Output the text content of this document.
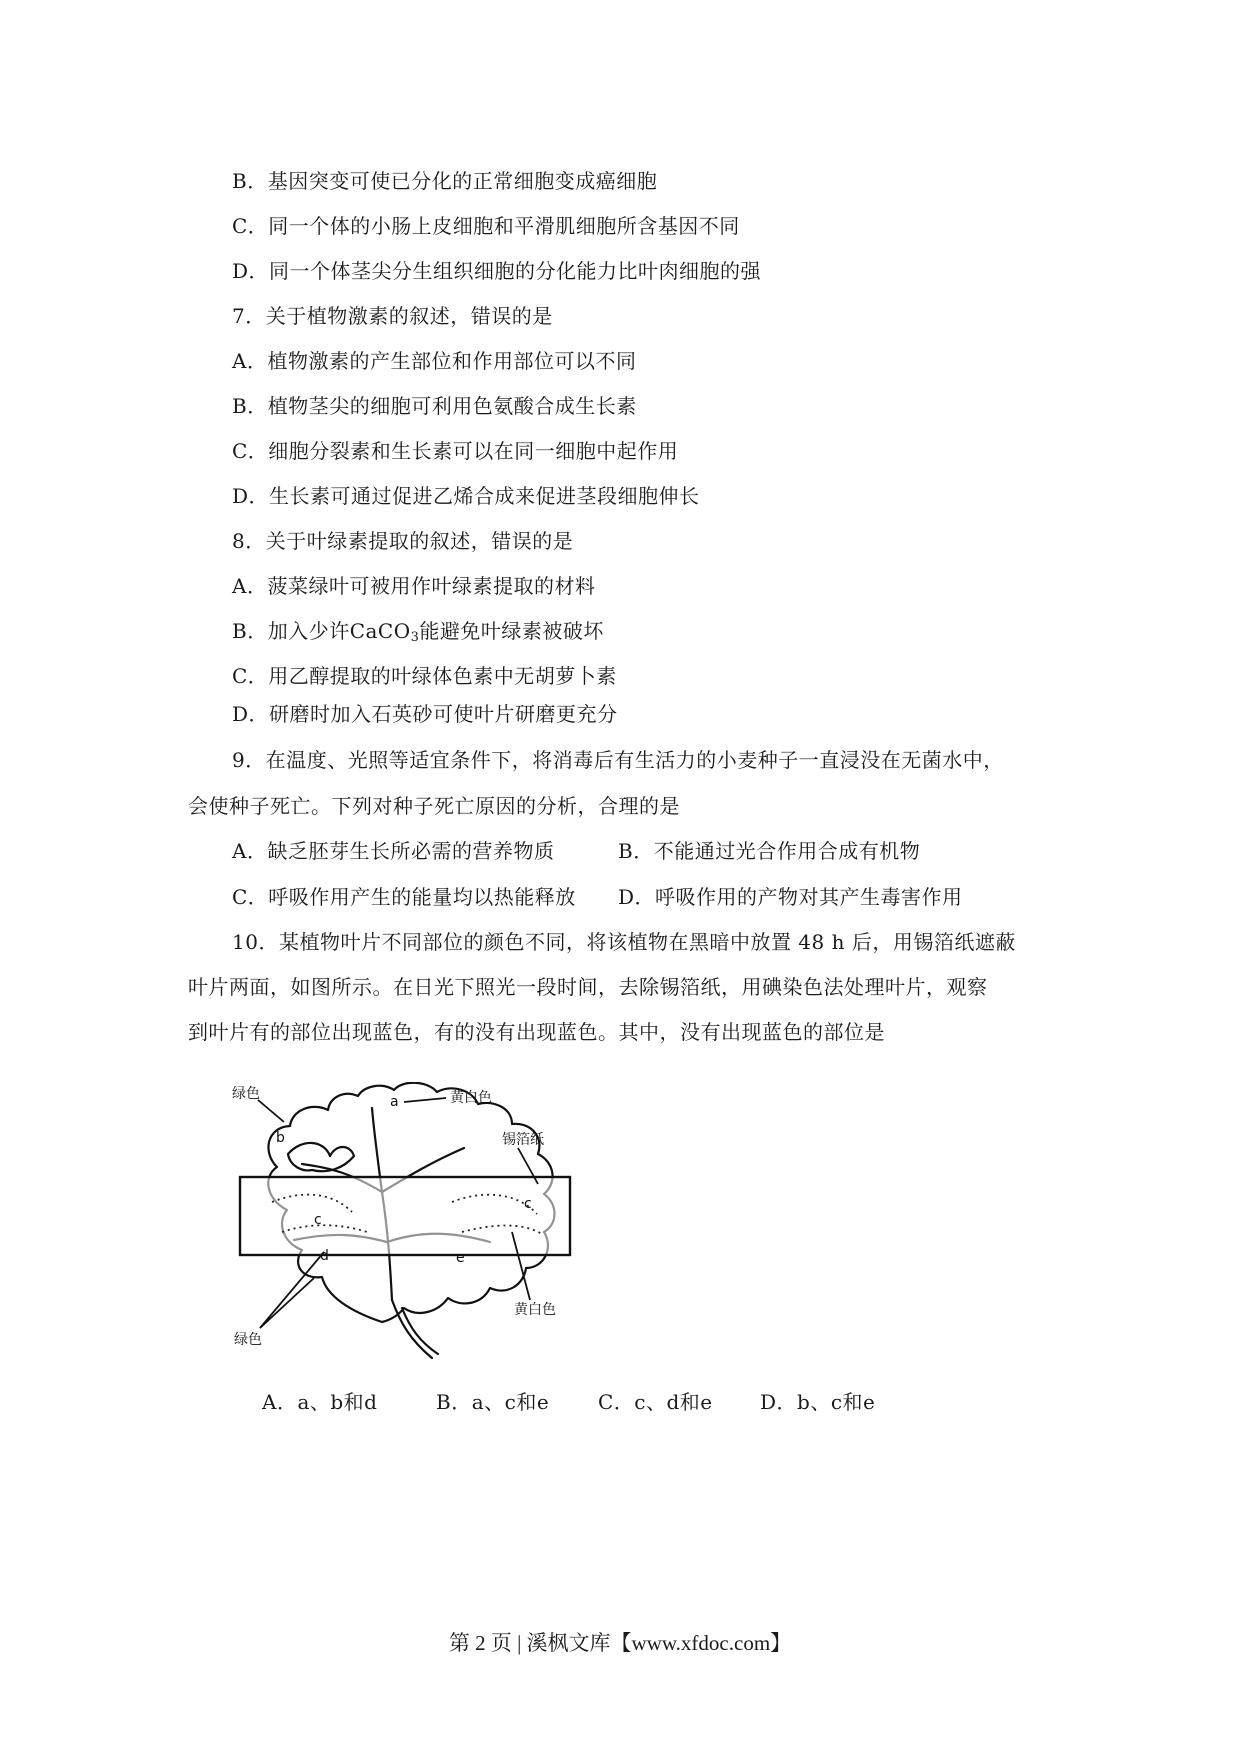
B．基因突变可使已分化的正常细胞变成癌细胞
C．同一个体的小肠上皮细胞和平滑肌细胞所含基因不同
D．同一个体茎尖分生组织细胞的分化能力比叶肉细胞的强
7．关于植物激素的叙述，错误的是
A．植物激素的产生部位和作用部位可以不同
B．植物茎尖的细胞可利用色氨酸合成生长素
C．细胞分裂素和生长素可以在同一细胞中起作用
D．生长素可通过促进乙烯合成来促进茎段细胞伸长
8．关于叶绿素提取的叙述，错误的是
A．菠菜绿叶可被用作叶绿素提取的材料
B．加入少许CaCO$_3$能避免叶绿素被破坏
C．用乙醇提取的叶绿体色素中无胡萝卜素
D．研磨时加入石英砂可使叶片研磨更充分
9．在温度、光照等适宜条件下，将消毒后有生活力的小麦种子一直浸没在无菌水中，
会使种子死亡。下列对种子死亡原因的分析，合理的是
A．缺乏胚芽生长所必需的营养物质	B．不能通过光合作用合成有机物
C．呼吸作用产生的能量均以热能释放 D．呼吸作用的产物对其产生毒害作用
10．某植物叶片不同部位的颜色不同，将该植物在黑暗中放置 48 h 后，用锡箔纸遮蔽
叶片两面，如图所示。在日光下照光一段时间，去除锡箔纸，用碘染色法处理叶片，观察
到叶片有的部位出现蓝色，有的没有出现蓝色。其中，没有出现蓝色的部位是
绿色	黄白色
锡箔纸
黄白色
绿色
a
b
c
c
d	e
A．a、b和d	B．a、c和e C．c、d和e D．b、c和e
第 2 页 | 溪枫文库【www.xfdoc.com】
